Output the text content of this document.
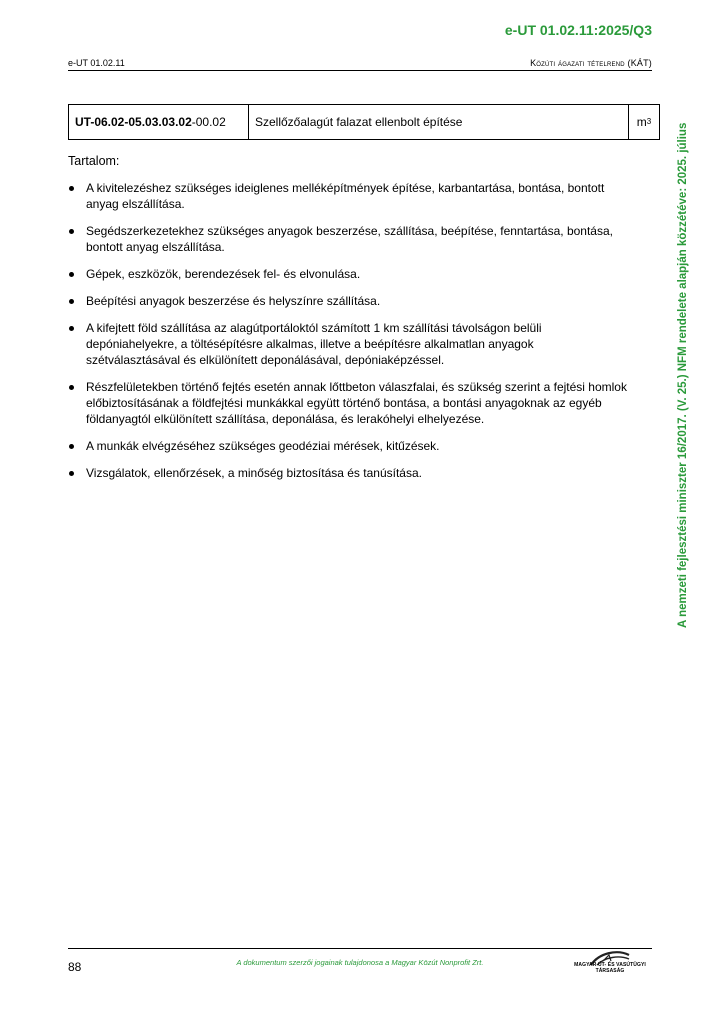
e-UT 01.02.11:2025/Q3
e-UT 01.02.11	Közúti ágazati tételrend (KÁT)
A nemzeti fejlesztési miniszter 16/2017. (V. 25.) NFM rendelete alapján közzétéve: 2025. július
UT-06.02-05.03.03.02 -00.02	Szellőzőalagút falazat ellenbolt építése	m 3
Tartalom:
A kivitelezéshez szükséges ideiglenes melléképítmények építése, karbantartása, bontása, bontott anyag elszállítása.
Segédszerkezetekhez szükséges anyagok beszerzése, szállítása, beépítése, fenntartása, bontása, bontott anyag elszállítása.
Gépek, eszközök, berendezések fel- és elvonulása.
Beépítési anyagok beszerzése és helyszínre szállítása.
A kifejtett föld szállítása az alagútportáloktól számított 1 km szállítási távolságon belüli depóniahelyekre, a töltésépítésre alkalmas, illetve a beépítésre alkalmatlan anyagok szétválasztásával és elkülönített deponálásával, depóniaképzéssel.
Részfelületekben történő fejtés esetén annak lőttbeton válaszfalai, és szükség szerint a fejtési homlok előbiztosításának a földfejtési munkákkal együtt történő bontása, a bontási anyagoknak az egyéb földanyagtól elkülönített szállítása, deponálása, és lerakóhelyi elhelyezése.
A munkák elvégzéséhez szükséges geodéziai mérések, kitűzések.
Vizsgálatok, ellenőrzések, a minőség biztosítása és tanúsítása.
88	A dokumentum szerzői jogainak tulajdonosa a Magyar Közút Nonprofit Zrt.	MAGYAR ÚT- ÉS VASÚTÜGYI TÁRSASÁG
